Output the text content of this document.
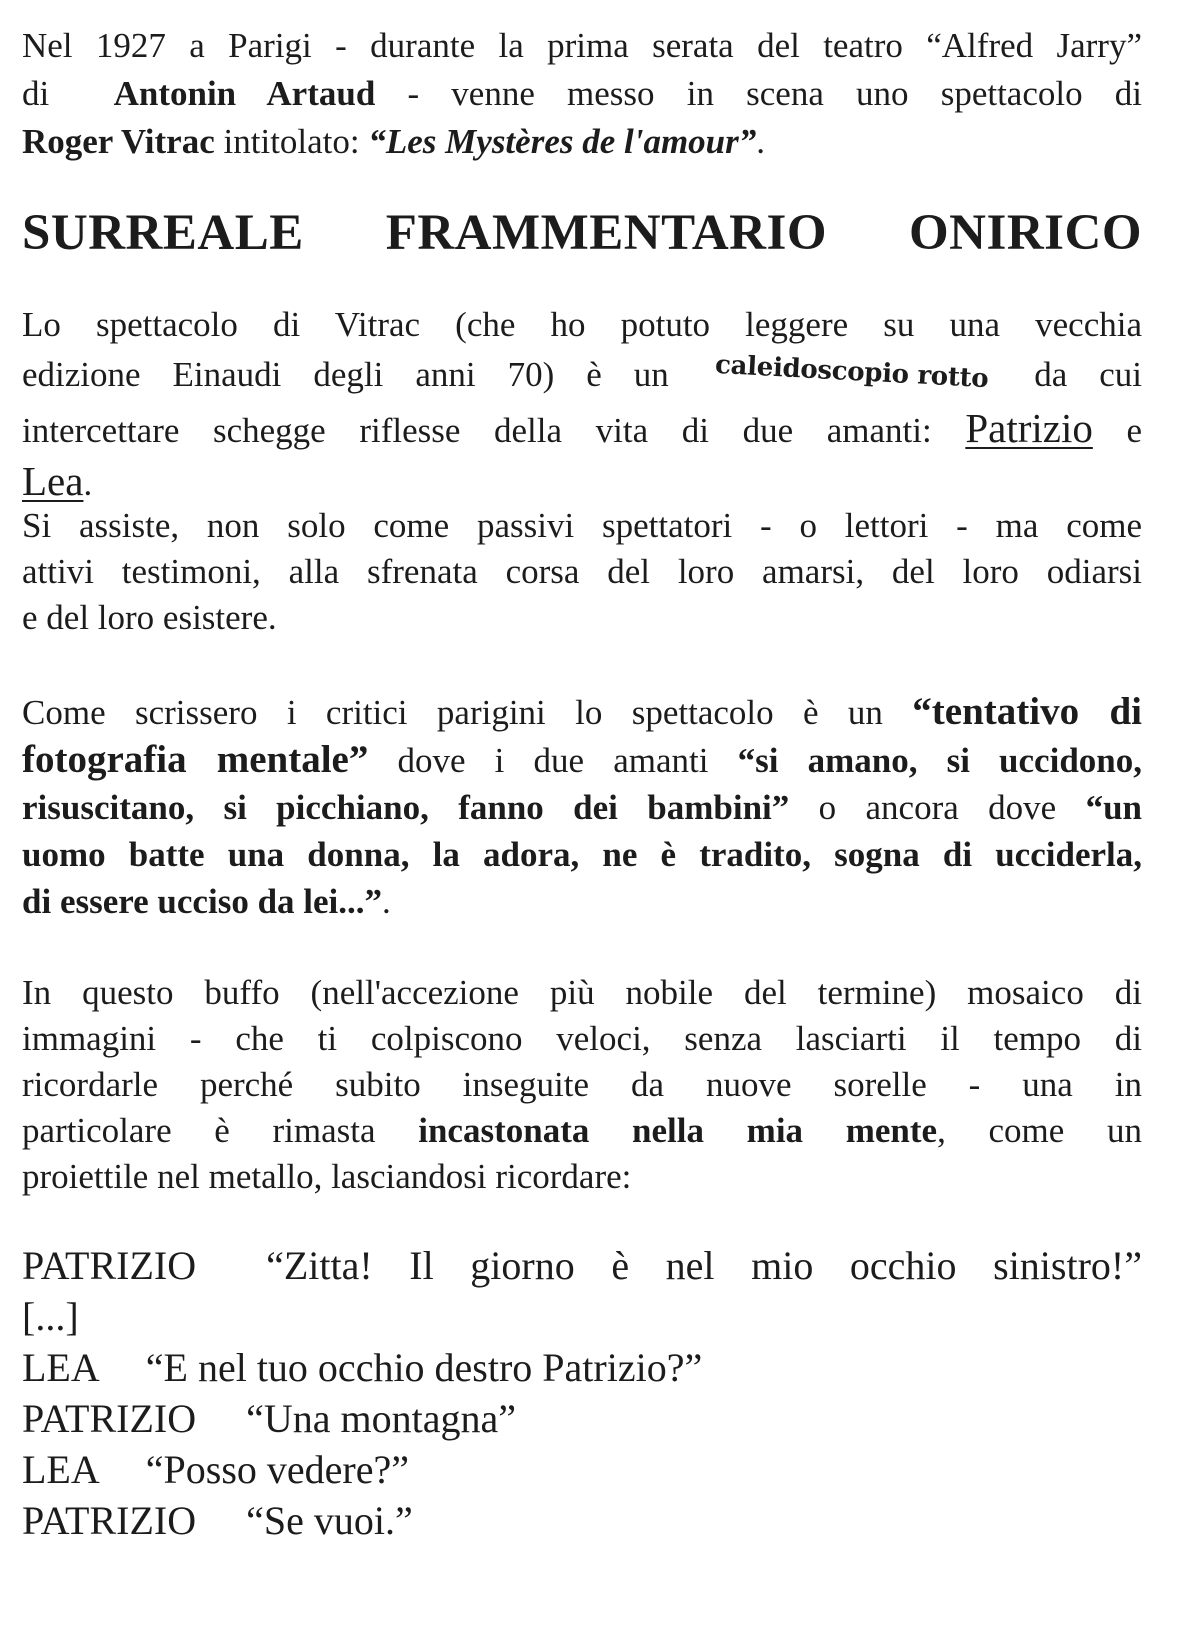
Nel 1927 a Parigi - durante la prima serata del teatro “Alfred Jarry”
di  Antonin Artaud - venne messo in scena uno spettacolo di
Roger Vitrac intitolato: “Les Mystères de l'amour”.
SURREALE FRAMMENTARIO ONIRICO
Lo spettacolo di Vitrac (che ho potuto leggere su una vecchia
edizione Einaudi degli anni 70) è un caleidoscopio rotto da cui
intercettare schegge riflesse della vita di due amanti: Patrizio e
Lea.
Si assiste, non solo come passivi spettatori - o lettori - ma come
attivi testimoni, alla sfrenata corsa del loro amarsi, del loro odiarsi
e del loro esistere.
Come scrissero i critici parigini lo spettacolo è un “tentativo di
fotografia mentale” dove i due amanti “si amano, si uccidono,
risuscitano, si picchiano, fanno dei bambini” o ancora dove “un
uomo batte una donna, la adora, ne è tradito, sogna di ucciderla,
di essere ucciso da lei...”.
In questo buffo (nell'accezione più nobile del termine) mosaico di
immagini - che ti colpiscono veloci, senza lasciarti il tempo di
ricordarle perché subito inseguite da nuove sorelle - una in
particolare è rimasta incastonata nella mia mente, come un
proiettile nel metallo, lasciandosi ricordare:
PATRIZIO “Zitta! Il giorno è nel mio occhio sinistro!”
[...]
LEA “E nel tuo occhio destro Patrizio?”
PATRIZIO “Una montagna”
LEA “Posso vedere?”
PATRIZIO “Se vuoi.”
